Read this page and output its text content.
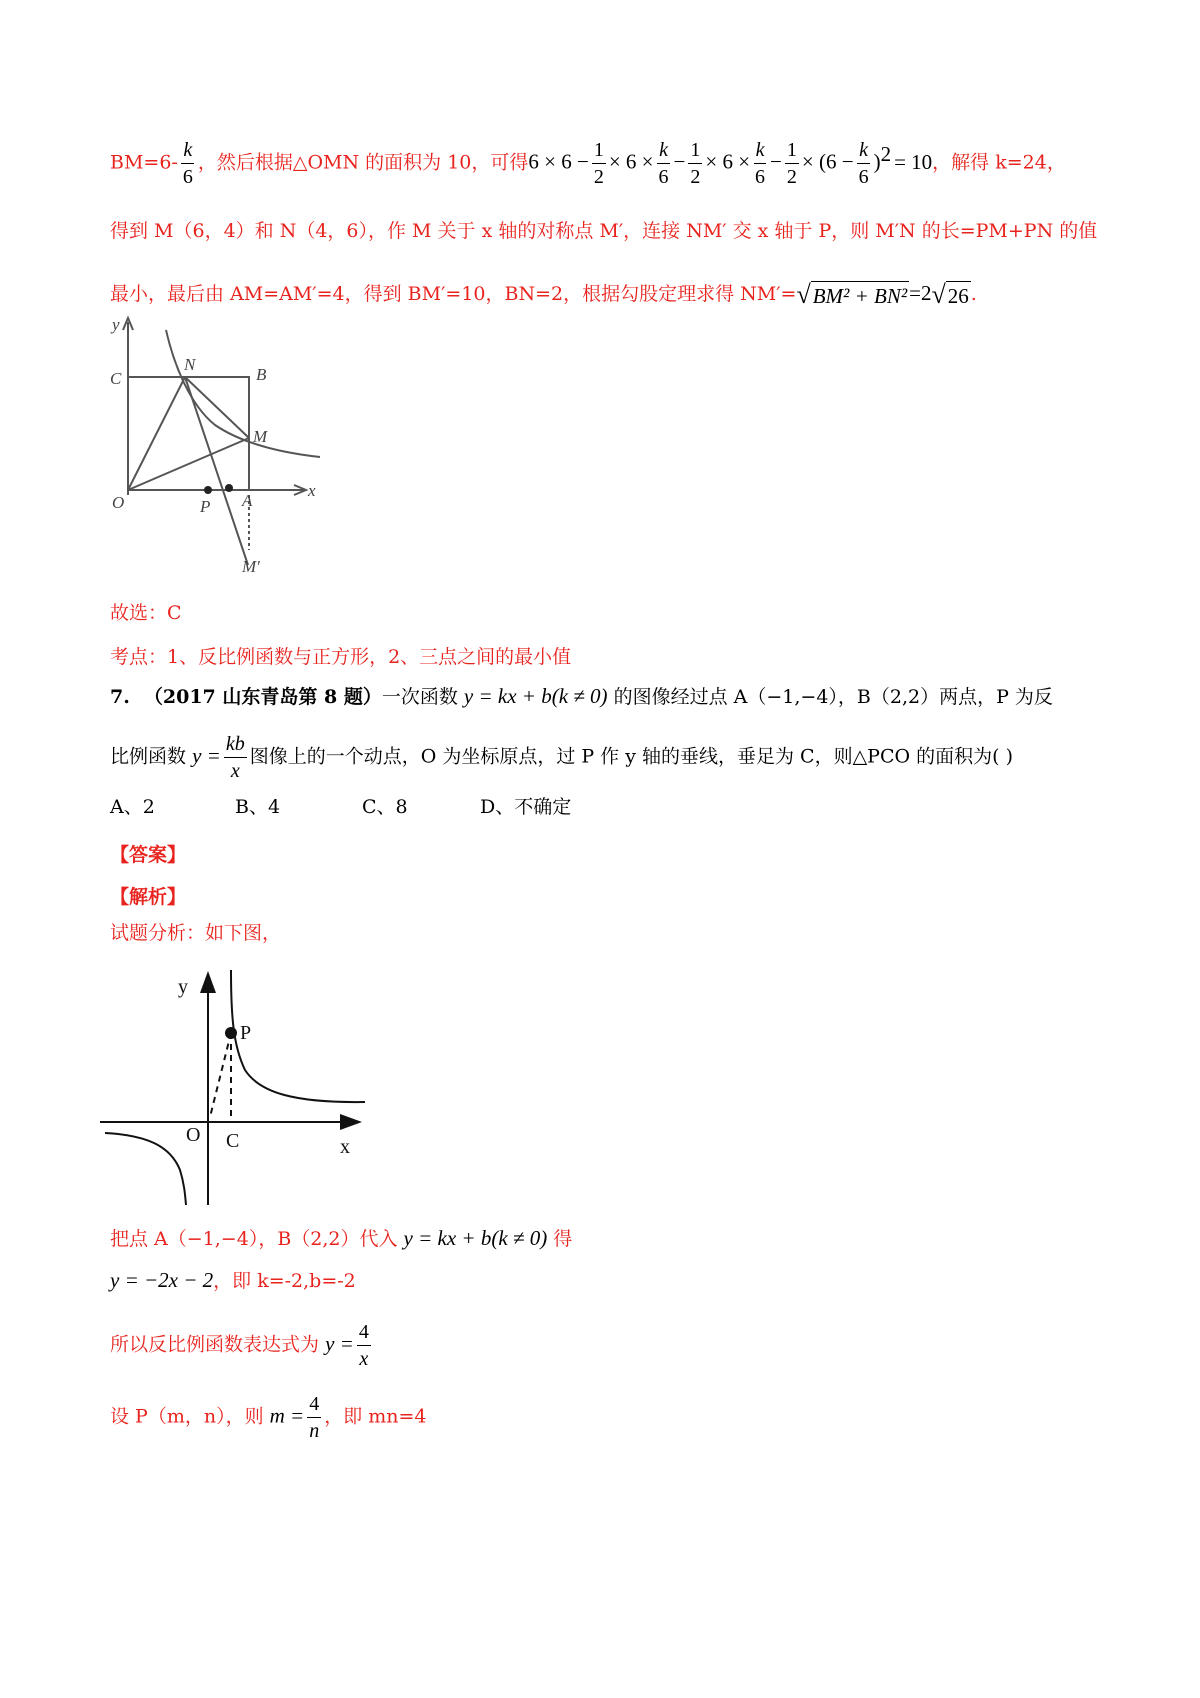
$BM=6- \frac{k}{6}$ ，然后根据△OMN 的面积为 10，可得$6 \times 6 - \frac{1}{2} \times 6 \times \frac{k}{6} - \frac{1}{2} \times 6 \times \frac{k}{6} - \frac{1}{2} \times (6 - \frac{k}{6} )^2 = 10$，解得 k=24，
得到 M（6，4）和 N（4，6），作 M 关于 x 轴的对称点 M′，连接 NM′ 交 x 轴于 P，则 M′N 的长=PM+PN 的值
最小，最后由 AM=AM′=4，得到 BM′=10，BN=2，根据勾股定理求得 NM′=√BM² + BN²=2√26 .
y
C	B
N
M
O	P A
x
M′
故选：C
考点：1、反比例函数与正方形，2、三点之间的最小值
7. （2017 山东青岛第 8 题）一次函数 y = kx + b(k ≠ 0) 的图像经过点 A（−1,−4），B（2,2）两点，P 为反
比例函数 $y = \frac{kb}{x}$ 图像上的一个动点，O 为坐标原点，过 P 作 y 轴的垂线，垂足为 C，则△PCO 的面积为( )
A、2	B、4	C、8	D、不确定
【答案】
【解析】
试题分析：如下图，
y
P
O C	x
把点 A（−1,−4），B（2,2）代入 y = kx + b(k ≠ 0) 得
y = −2x − 2，即 k=-2,b=-2
所以反比例函数表达式为 $y = \frac{4}{x}$
设 P（m，n），则 $m = \frac{4}{n}$ ，即 mn=4
